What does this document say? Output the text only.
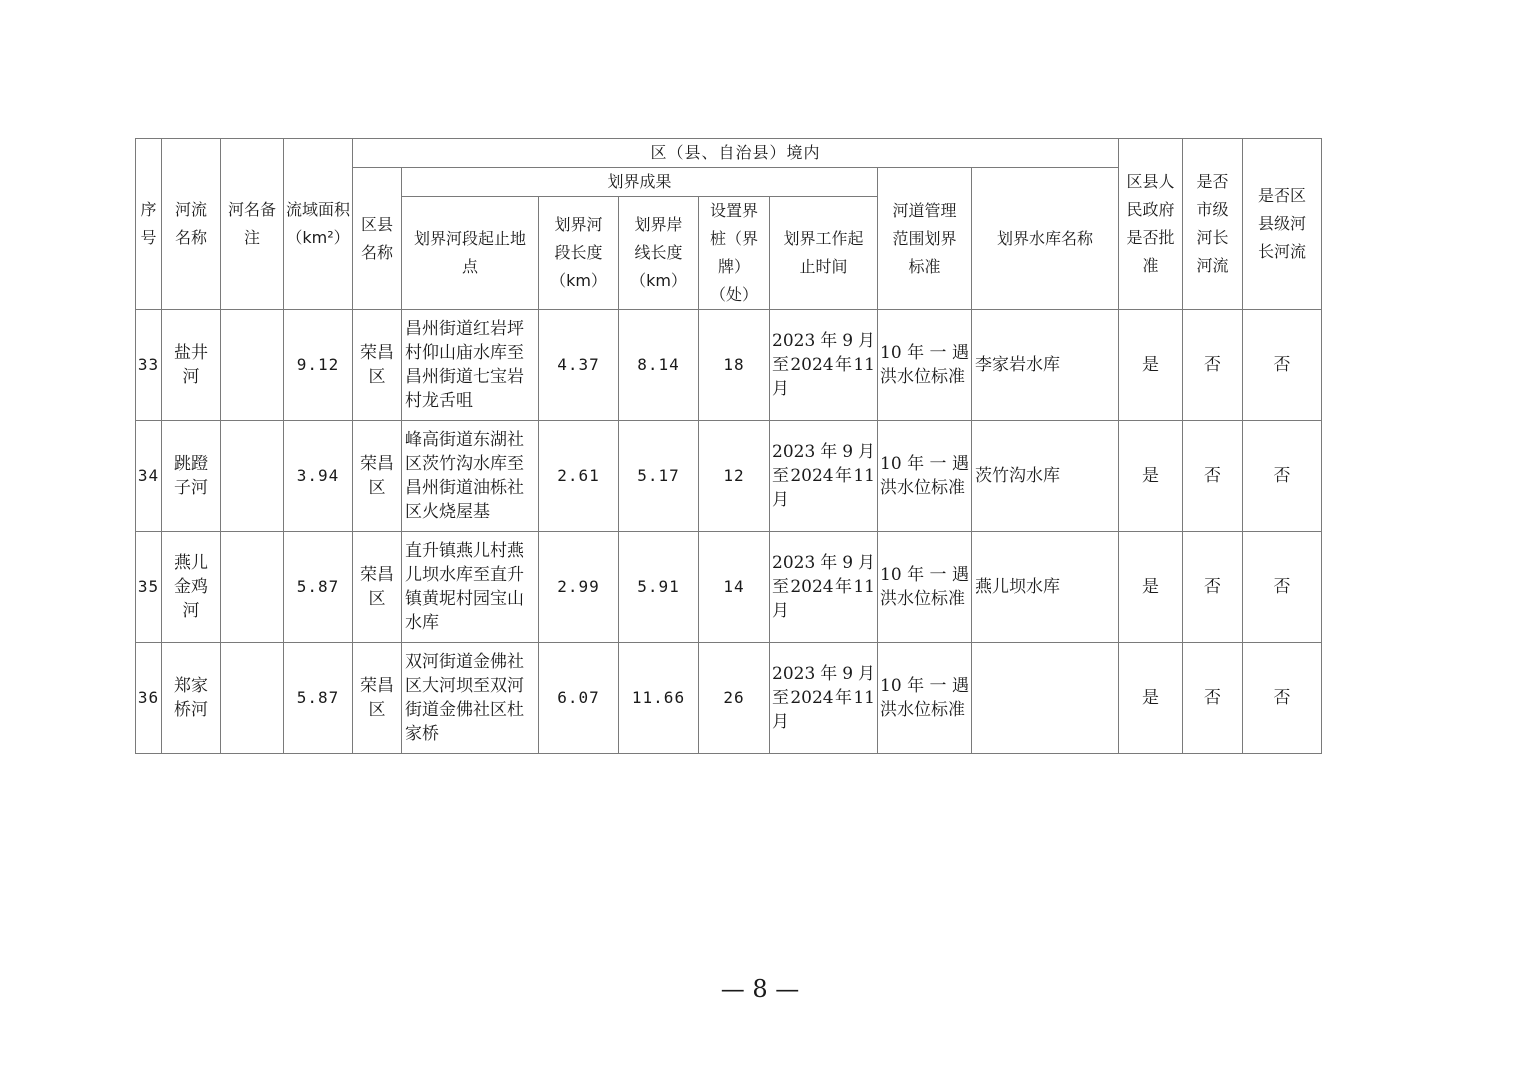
序号	河流名称	河名备注	流域面积（km²）	区（县、自治县）境内								区县人民政府是否批准	是否市级河长河流	是否区县级河长河流
				区县名称	划界成果					河道管理范围划界标准	划界水库名称			
					划界河段起止地点	划界河段长度（km）	划界岸线长度（km）	设置界桩（界牌）（处）	划界工作起止时间					
33	盐井河		9.12	荣昌区	昌州街道红岩坪村仰山庙水库至昌州街道七宝岩村龙舌咀	4.37	8.14	18	2023年9月至2024年11月	10年一遇洪水位标准	李家岩水库	是	否	否
34	跳蹬子河		3.94	荣昌区	峰高街道东湖社区茨竹沟水库至昌州街道油栎社区火烧屋基	2.61	5.17	12	2023年9月至2024年11月	10年一遇洪水位标准	茨竹沟水库	是	否	否
35	燕儿金鸡河		5.87	荣昌区	直升镇燕儿村燕儿坝水库至直升镇黄坭村园宝山水库	2.99	5.91	14	2023年9月至2024年11月	10年一遇洪水位标准	燕儿坝水库	是	否	否
36	郑家桥河		5.87	荣昌区	双河街道金佛社区大河坝至双河街道金佛社区杜家桥	6.07	11.66	26	2023年9月至2024年11月	10年一遇洪水位标准		是	否	否
— 8 —
